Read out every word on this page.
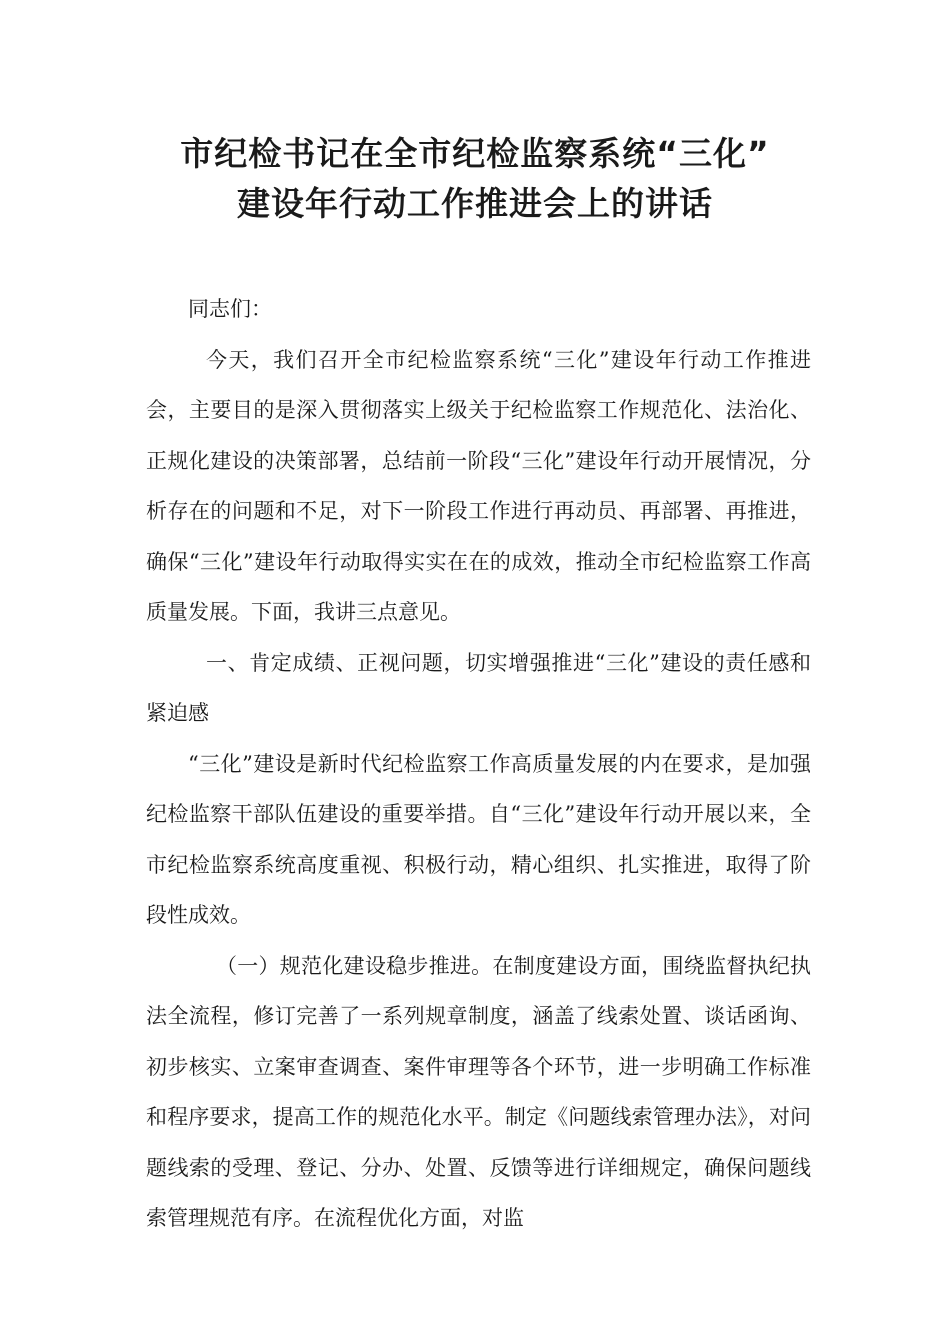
市纪检书记在全市纪检监察系统“三化”
建设年行动工作推进会上的讲话

同志们：

今天，我们召开全市纪检监察系统“三化”建设年行动工作推进会，主要目的是深入贯彻落实上级关于纪检监察工作规范化、法治化、正规化建设的决策部署，总结前一阶段“三化”建设年行动开展情况，分析存在的问题和不足，对下一阶段工作进行再动员、再部署、再推进，确保“三化”建设年行动取得实实在在的成效，推动全市纪检监察工作高质量发展。下面，我讲三点意见。

一、肯定成绩、正视问题，切实增强推进“三化”建设的责任感和紧迫感

“三化”建设是新时代纪检监察工作高质量发展的内在要求，是加强纪检监察干部队伍建设的重要举措。自“三化”建设年行动开展以来，全市纪检监察系统高度重视、积极行动，精心组织、扎实推进，取得了阶段性成效。

（一）规范化建设稳步推进。在制度建设方面，围绕监督执纪执法全流程，修订完善了一系列规章制度，涵盖了线索处置、谈话函询、初步核实、立案审查调查、案件审理等各个环节，进一步明确工作标准和程序要求，提高工作的规范化水平。制定《问题线索管理办法》，对问题线索的受理、登记、分办、处置、反馈等进行详细规定，确保问题线索管理规范有序。在流程优化方面，对监
